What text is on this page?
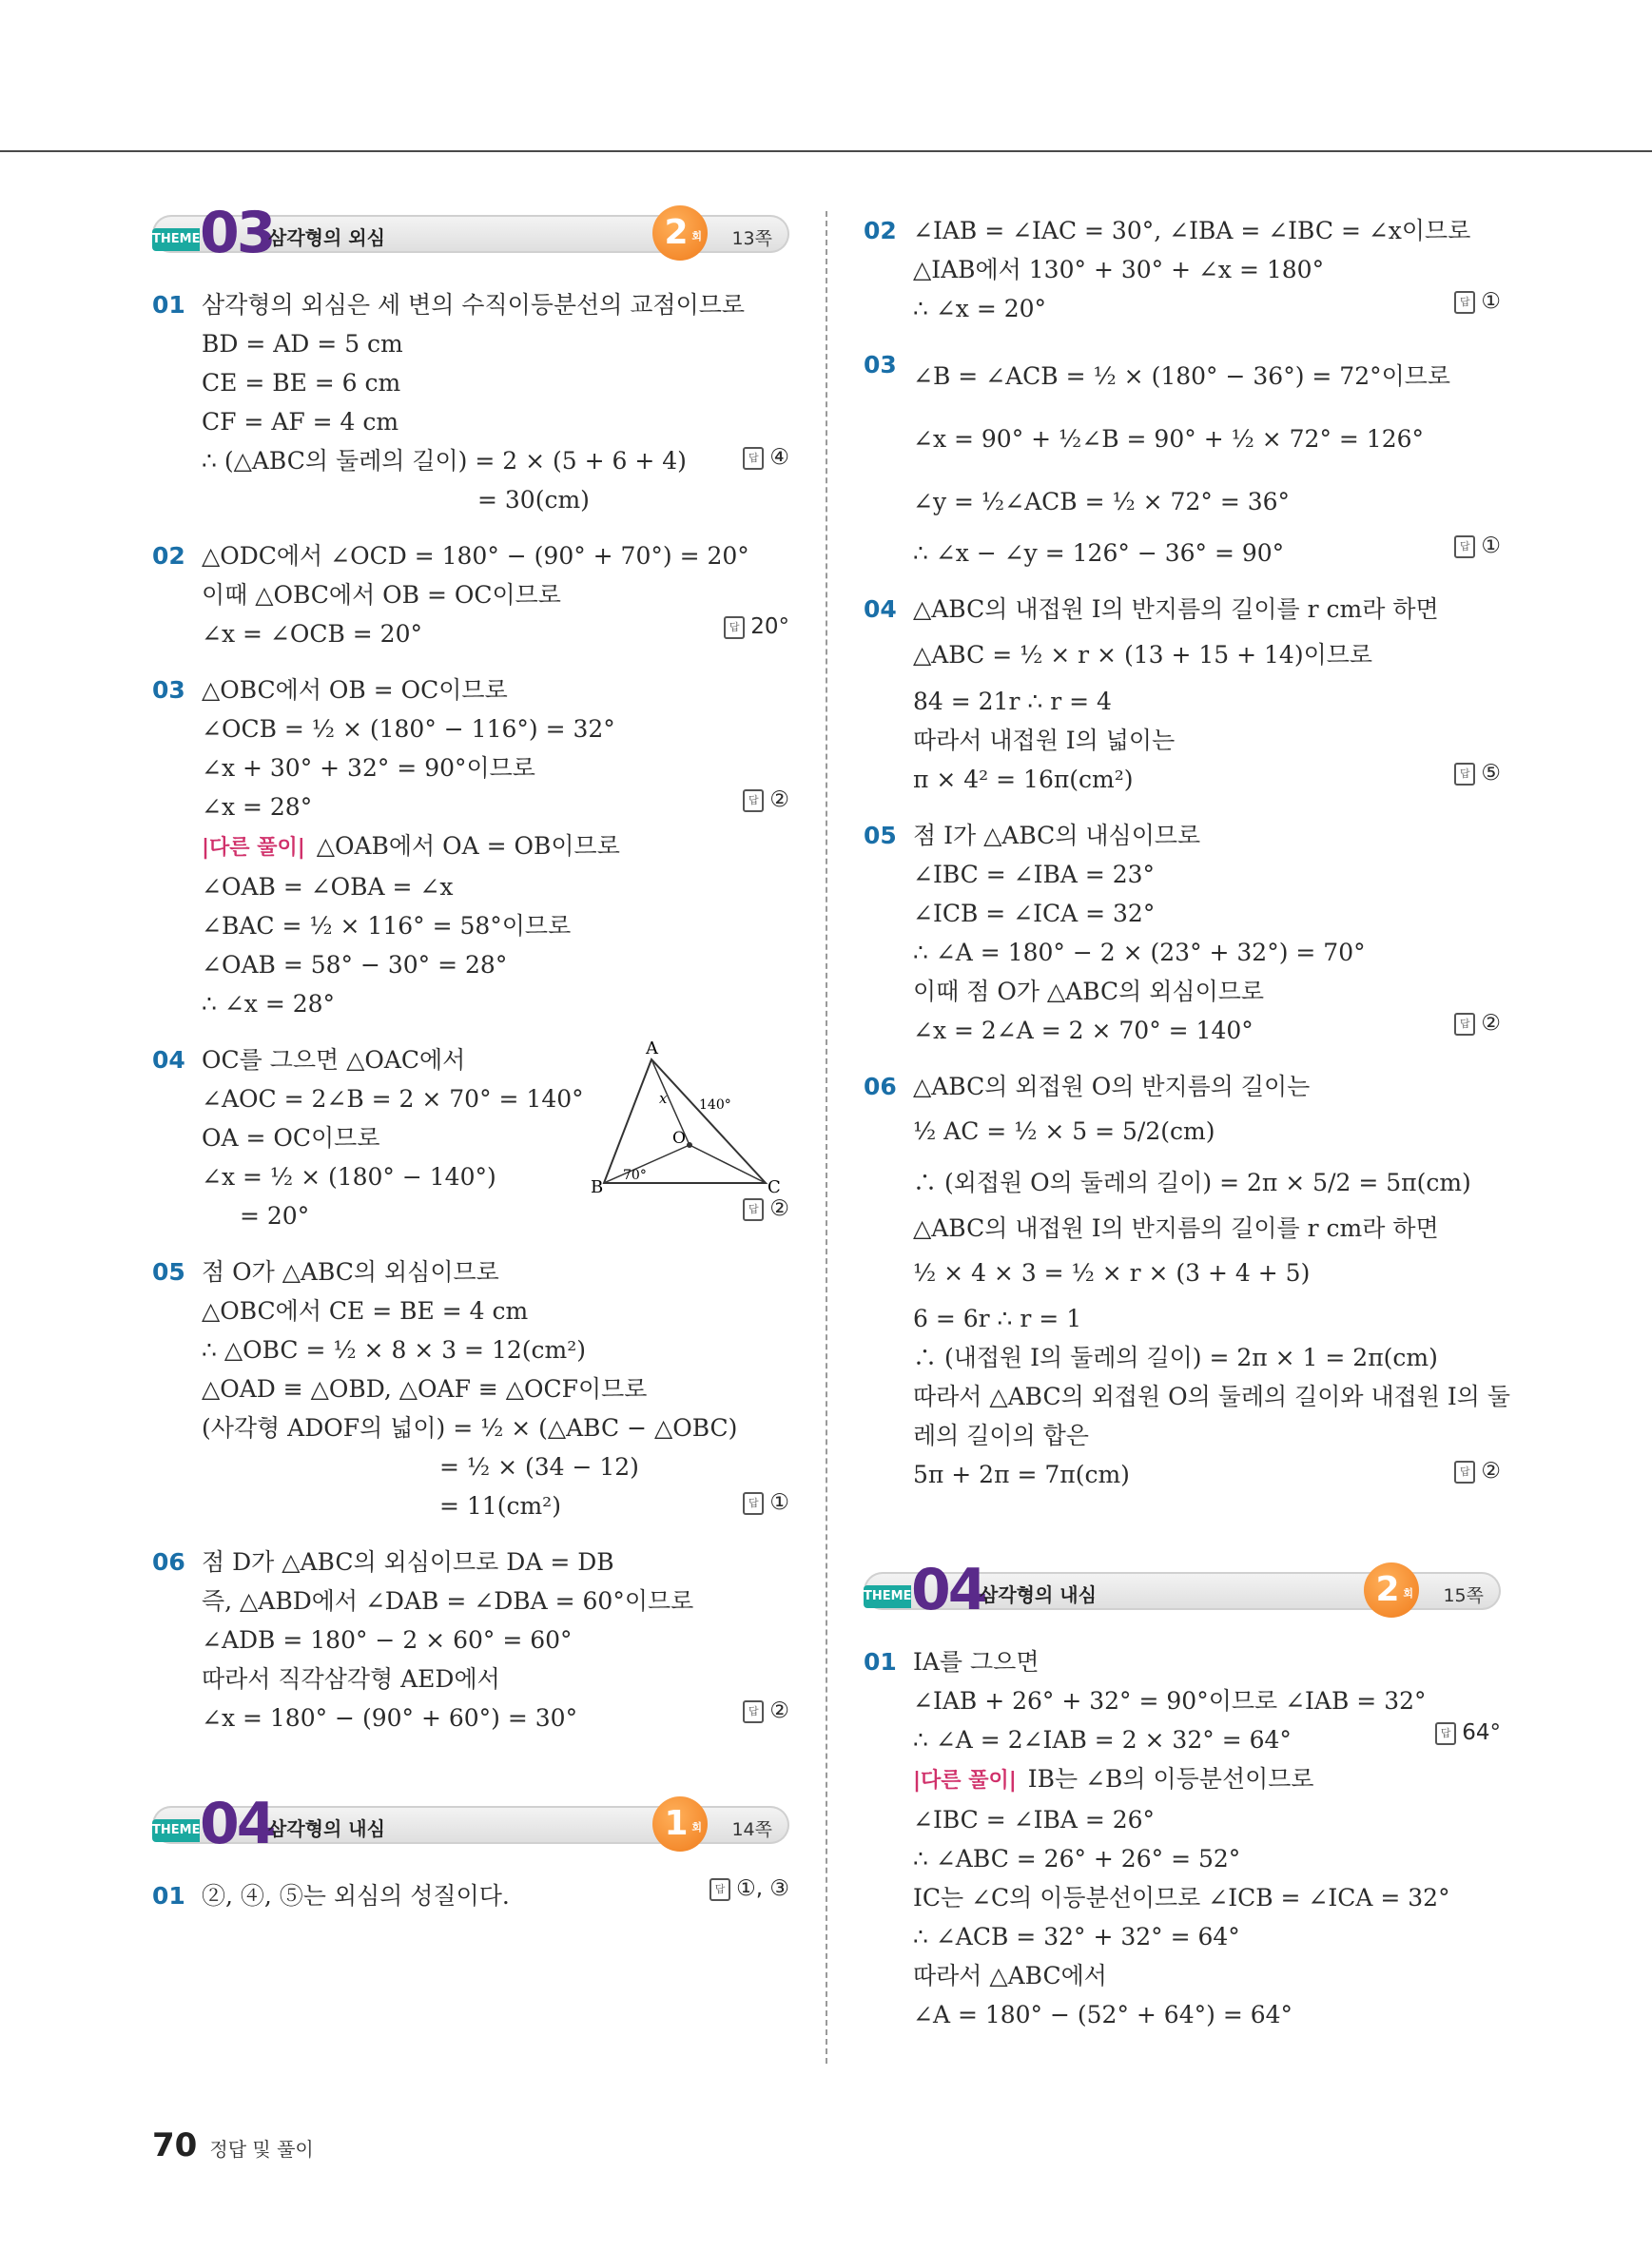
THEME 03
삼각형의 외심	2 회 13쪽
01 삼각형의 외심은 세 변의 수직이등분선의 교점이므로
BD = AD = 5 cm
CE = BE = 6 cm
CF = AF = 4 cm
∴ (△ABC의 둘레의 길이) = 2 × (5 + 6 + 4)
= 30(cm)
답 ④
02 △ODC에서 ∠OCD = 180° − (90° + 70°) = 20°
이때 △OBC에서 OB = OC이므로
∠x = ∠OCB = 20°	답 20°
03 △OBC에서 OB = OC이므로
∠OCB = ½ × (180° − 116°) = 32°
∠x + 30° + 32° = 90°이므로
∠x = 28°	답 ②
|다른 풀이| △OAB에서 OA = OB이므로
∠OAB = ∠OBA = ∠x
∠BAC = ½ × 116° = 58°이므로
∠OAB = 58° − 30° = 28°
∴ ∠x = 28°
04 OC를 그으면 △OAC에서
∠AOC = 2∠B = 2 × 70° = 140°
OA = OC이므로
∠x = ½ × (180° − 140°)
= 20°	답 ②
A
B	C
O
140°
70°
x
05 점 O가 △ABC의 외심이므로
△OBC에서 CE = BE = 4 cm
∴ △OBC = ½ × 8 × 3 = 12(cm²)
△OAD ≡ △OBD, △OAF ≡ △OCF이므로
(사각형 ADOF의 넓이) = ½ × (△ABC − △OBC)
= ½ × (34 − 12)
= 11(cm²)	답 ①
06 점 D가 △ABC의 외심이므로 DA = DB
즉, △ABD에서 ∠DAB = ∠DBA = 60°이므로
∠ADB = 180° − 2 × 60° = 60°
따라서 직각삼각형 AED에서
∠x = 180° − (90° + 60°) = 30°	답 ②
THEME 04
삼각형의 내심	1 회 14쪽
01 ②, ④, ⑤는 외심의 성질이다.	답 ①, ③
02 ∠IAB = ∠IAC = 30°, ∠IBA = ∠IBC = ∠x이므로
△IAB에서 130° + 30° + ∠x = 180°
∴ ∠x = 20°	답 ①
03 ∠B = ∠ACB = ½ × (180° − 36°) = 72°이므로
∠x = 90° + ½∠B = 90° + ½ × 72° = 126°
∠y = ½∠ACB = ½ × 72° = 36°
∴ ∠x − ∠y = 126° − 36° = 90°	답 ①
04 △ABC의 내접원 I의 반지름의 길이를 r cm라 하면
△ABC = ½ × r × (13 + 15 + 14)이므로
84 = 21r ∴ r = 4
따라서 내접원 I의 넓이는
π × 4² = 16π(cm²)	답 ⑤
05 점 I가 △ABC의 내심이므로
∠IBC = ∠IBA = 23°
∠ICB = ∠ICA = 32°
∴ ∠A = 180° − 2 × (23° + 32°) = 70°
이때 점 O가 △ABC의 외심이므로
∠x = 2∠A = 2 × 70° = 140°	답 ②
06 △ABC의 외접원 O의 반지름의 길이는
½ AC = ½ × 5 = 5/2(cm)
∴ (외접원 O의 둘레의 길이) = 2π × 5/2 = 5π(cm)
△ABC의 내접원 I의 반지름의 길이를 r cm라 하면
½ × 4 × 3 = ½ × r × (3 + 4 + 5)
6 = 6r ∴ r = 1
∴ (내접원 I의 둘레의 길이) = 2π × 1 = 2π(cm)
따라서 △ABC의 외접원 O의 둘레의 길이와 내접원 I의 둘
레의 길이의 합은
5π + 2π = 7π(cm)	답 ②
THEME 04
삼각형의 내심	2 회 15쪽
01 IA를 그으면
∠IAB + 26° + 32° = 90°이므로 ∠IAB = 32°
∴ ∠A = 2∠IAB = 2 × 32° = 64°	답 64°
|다른 풀이| IB는 ∠B의 이등분선이므로
∠IBC = ∠IBA = 26°
∴ ∠ABC = 26° + 26° = 52°
IC는 ∠C의 이등분선이므로 ∠ICB = ∠ICA = 32°
∴ ∠ACB = 32° + 32° = 64°
따라서 △ABC에서
∠A = 180° − (52° + 64°) = 64°
70 정답 및 풀이
